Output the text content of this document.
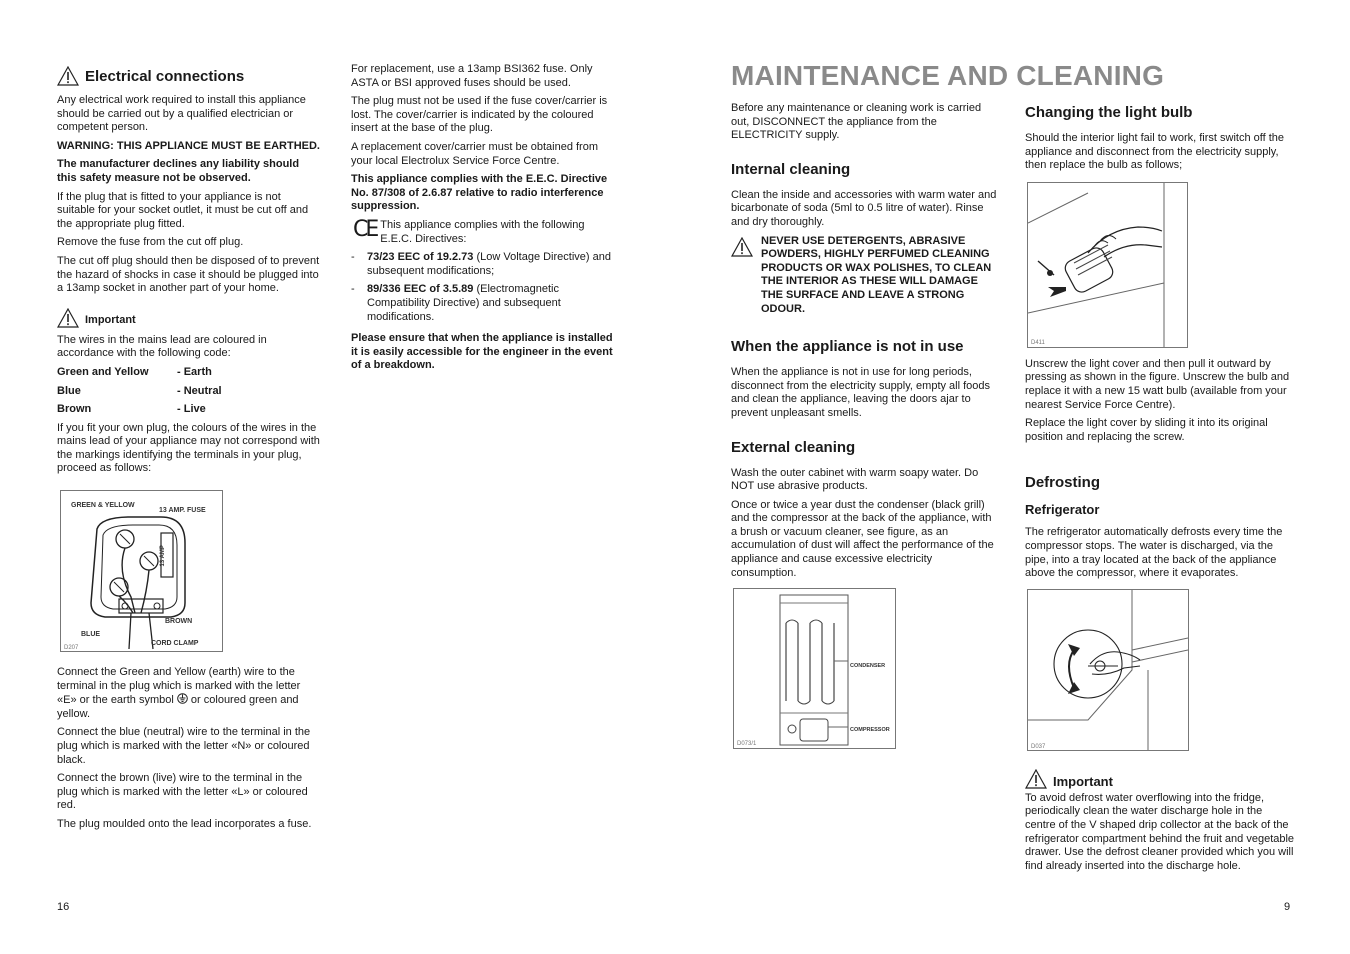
Electrical connections

Any electrical work required to install this appliance should be carried out by a qualified electrician or competent person.

WARNING: THIS APPLIANCE MUST BE EARTHED.

The manufacturer declines any liability should this safety measure not be observed.

If the plug that is fitted to your appliance is not suitable for your socket outlet, it must be cut off and the appropriate plug fitted.

Remove the fuse from the cut off plug.

The cut off plug should then be disposed of to prevent the hazard of shocks in case it should be plugged into a 13amp socket in another part of your home.

Important

The wires in the mains lead are coloured in accordance with the following code:

Green and Yellow	- Earth
Blue	- Neutral
Brown	- Live

If you fit your own plug, the colours of the wires in the mains lead of your appliance may not correspond with the markings identifying the terminals in your plug, proceed as follows:

GREEN & YELLOW
13 AMP. FUSE
13 AMP
BLUE
BROWN
CORD CLAMP
D207

Connect the Green and Yellow (earth) wire to the terminal in the plug which is marked with the letter
«E» or the earth symbol or coloured green and yellow.

Connect the blue (neutral) wire to the terminal in the plug which is marked with the letter «N» or coloured black.

Connect the brown (live) wire to the terminal in the plug which is marked with the letter «L» or coloured red.

The plug moulded onto the lead incorporates a fuse.

16

For replacement, use a 13amp BSI362 fuse. Only ASTA or BSI approved fuses should be used.

The plug must not be used if the fuse cover/carrier is lost. The cover/carrier is indicated by the coloured insert at the base of the plug.

A replacement cover/carrier must be obtained from your local Electrolux Service Force Centre.

This appliance complies with the E.E.C. Directive No. 87/308 of 2.6.87 relative to radio interference suppression.

CE This appliance complies with the following E.E.C. Directives:

- 73/23 EEC of 19.2.73 (Low Voltage Directive) and subsequent modifications;
- 89/336 EEC of 3.5.89 (Electromagnetic Compatibility Directive) and subsequent modifications.

Please ensure that when the appliance is installed it is easily accessible for the engineer in the event of a breakdown.

MAINTENANCE AND CLEANING

Before any maintenance or cleaning work is carried out, DISCONNECT the appliance from the ELECTRICITY supply.

Internal cleaning

Clean the inside and accessories with warm water and bicarbonate of soda (5ml to 0.5 litre of water). Rinse and dry thoroughly.

NEVER USE DETERGENTS, ABRASIVE POWDERS, HIGHLY PERFUMED CLEANING PRODUCTS OR WAX POLISHES, TO CLEAN THE INTERIOR AS THESE WILL DAMAGE THE SURFACE AND LEAVE A STRONG ODOUR.
When the appliance is not in use

When the appliance is not in use for long periods, disconnect from the electricity supply, empty all foods and clean the appliance, leaving the doors ajar to prevent unpleasant smells.

External cleaning

Wash the outer cabinet with warm soapy water. Do NOT use abrasive products.

Once or twice a year dust the condenser (black grill) and the compressor at the back of the appliance, with a brush or vacuum cleaner, see figure, as an accumulation of dust will affect the performance of the appliance and cause excessive electricity consumption.

CONDENSER
COMPRESSOR
D073/1
Changing the light bulb

Should the interior light fail to work, first switch off the appliance and disconnect from the electricity supply, then replace the bulb as follows;

D411

Unscrew the light cover and then pull it outward by pressing as shown in the figure. Unscrew the bulb and replace it with a new 15 watt bulb (available from your nearest Service Force Centre).

Replace the light cover by sliding it into its original position and replacing the screw.

Defrosting
Refrigerator

The refrigerator automatically defrosts every time the compressor stops. The water is discharged, via the pipe, into a tray located at the back of the appliance above the compressor, where it evaporates.

D037
Important

To avoid defrost water overflowing into the fridge, periodically clean the water discharge hole in the centre of the V shaped drip collector at the back of the refrigerator compartment behind the fruit and vegetable drawer. Use the defrost cleaner provided which you will find already inserted into the discharge hole.

9
